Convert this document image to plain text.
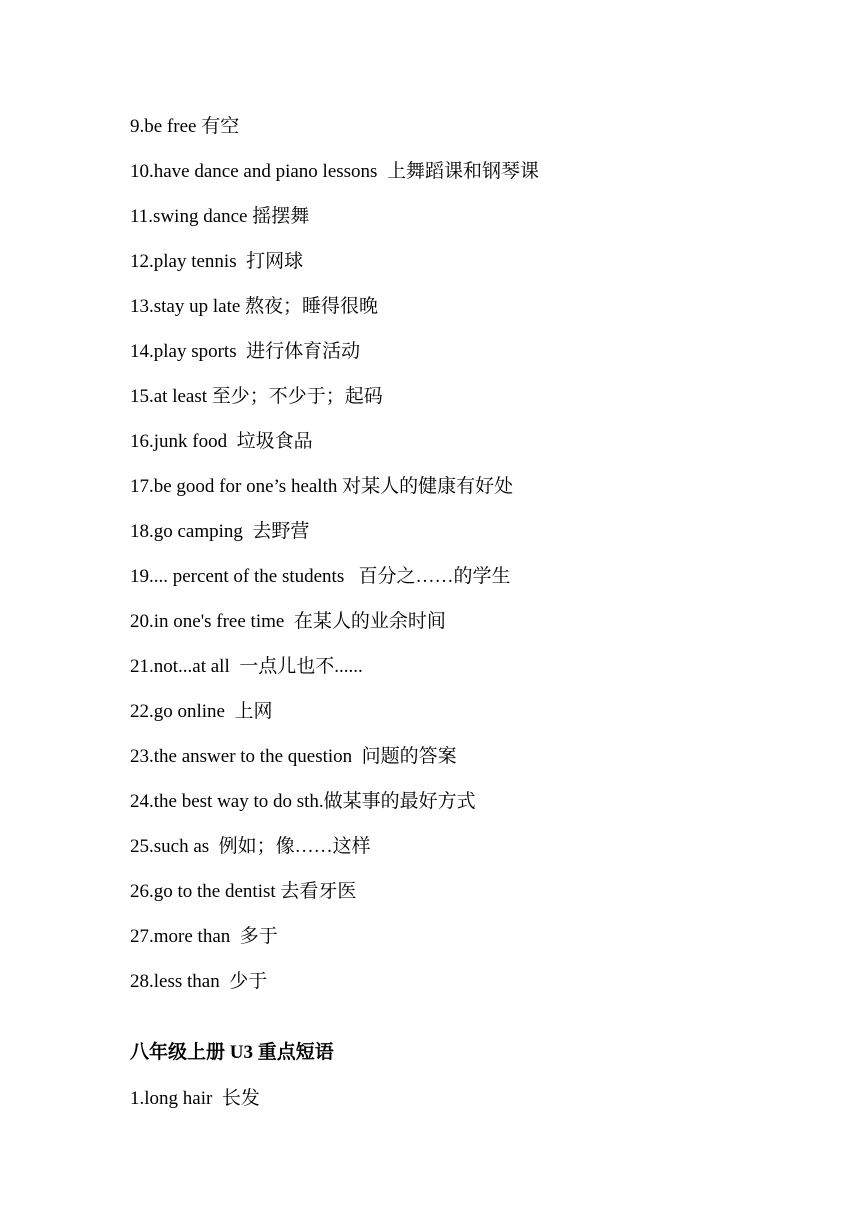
9.be free 有空
10.have dance and piano lessons  上舞蹈课和钢琴课
11.swing dance 摇摆舞
12.play tennis  打网球
13.stay up late 熬夜；睡得很晚
14.play sports  进行体育活动
15.at least 至少；不少于；起码
16.junk food  垃圾食品
17.be good for one’s health 对某人的健康有好处
18.go camping  去野营
19.... percent of the students   百分之……的学生
20.in one's free time  在某人的业余时间
21.not...at all  一点儿也不......
22.go online  上网
23.the answer to the question  问题的答案
24.the best way to do sth.做某事的最好方式
25.such as  例如；像……这样
26.go to the dentist 去看牙医
27.more than  多于
28.less than  少于
八年级上册 U3 重点短语
1.long hair  长发
